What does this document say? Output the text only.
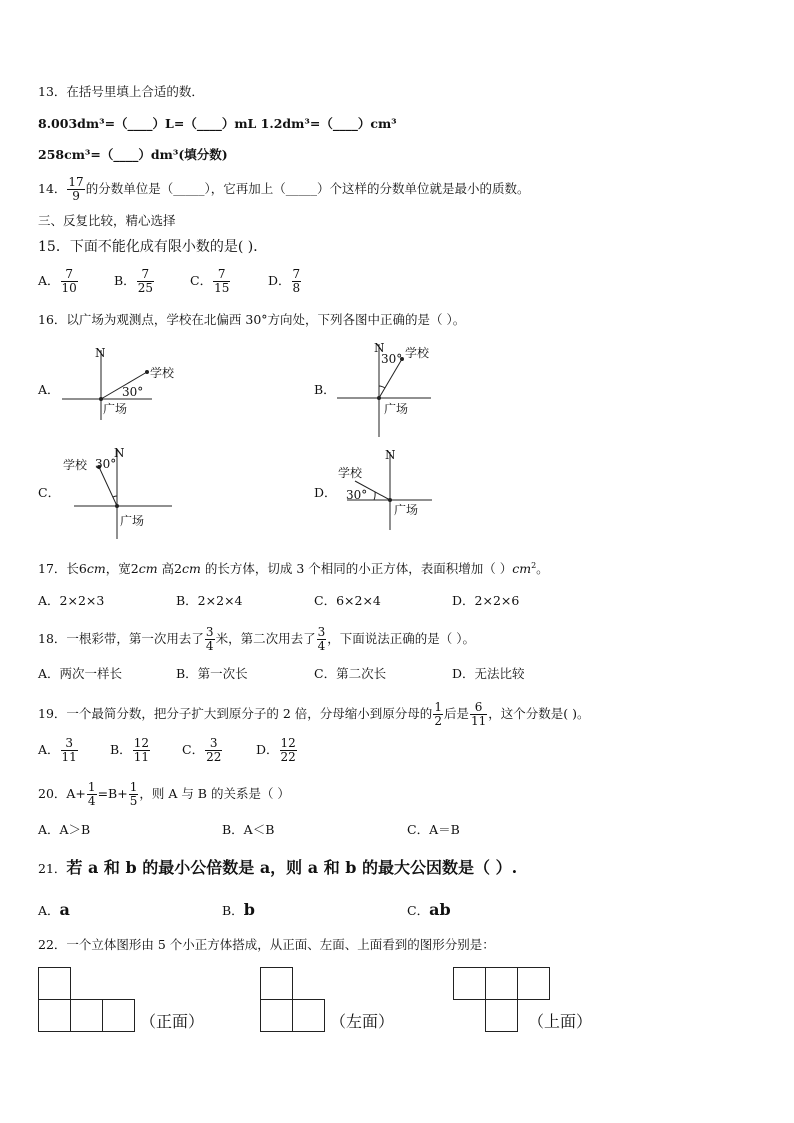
13．在括号里填上合适的数．
8.003dm³=（____）L=（____）mL 1.2dm³=（____）cm³
258cm³=（____）dm³(填分数)
14． $\frac{17}{9}$ 的分数单位是（_____），它再加上（_____）个这样的分数单位就是最小的质数。
三、反复比较，精心选择
15．下面不能化成有限小数的是( )．
A． $\frac{7}{10}$	B． $\frac{7}{25}$	C． $\frac{7}{15}$	D． $\frac{7}{8}$
16．以广场为观测点，学校在北偏西 30°方向处，下列各图中正确的是（ ）。
A．
N
学校
30°
广场
B．
N
30° 学校
广场
C．
N
学校 30°
广场
D．
N
学校
30°
广场
17．长6cm，宽2cm 高2cm 的长方体，切成 3 个相同的小正方体，表面积增加（ ）$cm^2$。
A．2×2×3	B．2×2×4	C．6×2×4	D．2×2×6
18．一根彩带，第一次用去了 $\frac{3}{4}$ 米，第二次用去了 $\frac{3}{4}$ ，下面说法正确的是（ ）。
A．两次一样长	B．第一次长	C．第二次长	D．无法比较
19．一个最简分数，把分子扩大到原分子的 2 倍，分母缩小到原分母的 $\frac{1}{2}$ 后是 $\frac{6}{11}$ ，这个分数是( )。
A． $\frac{3}{11}$	B． $\frac{12}{11}$	C． $\frac{3}{22}$	D． $\frac{12}{22}$
20．$A+ \frac{1}{4} =B+ \frac{1}{5}$ ，则 A 与 B 的关系是（ ）
A．A＞B	B．A＜B	C．A＝B
21．若 a 和 b 的最小公倍数是 a，则 a 和 b 的最大公因数是（ ）.
A．a	B．b	C．ab
22．一个立体图形由 5 个小正方体搭成，从正面、左面、上面看到的图形分别是：
（正面）	（左面）	（上面）
